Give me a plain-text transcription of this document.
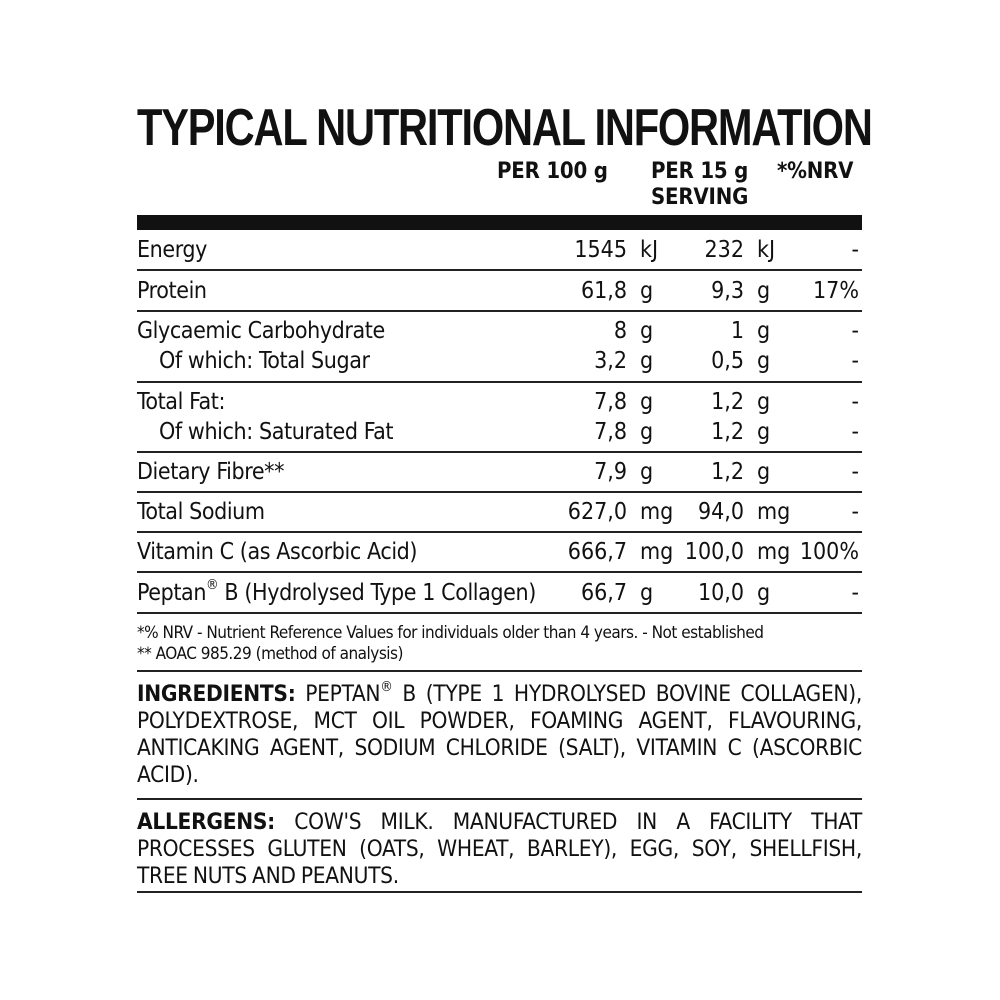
TYPICAL NUTRITIONAL INFORMATION
PER 100 g PER 15 g
SERVING
*%NRV
Energy	1545 kJ 232 kJ	-
Protein	61,8 g	9,3 g 17%
Glycaemic Carbohydrate	8 g	1 g	-
Of which: Total Sugar	3,2 g	0,5 g	-
Total Fat:	7,8 g	1,2 g	-
Of which: Saturated Fat	7,8 g	1,2 g	-
Dietary Fibre**	7,9 g	1,2 g	-
Total Sodium	627,0 mg 94,0 mg	-
Vitamin C (as Ascorbic Acid)	666,7 mg 100,0 mg 100%
Peptan® B (Hydrolysed Type 1 Collagen) 66,7 g 10,0 g	-
*% NRV - Nutrient Reference Values for individuals older than 4 years. - Not established
** AOAC 985.29 (method of analysis)
INGREDIENTS: PEPTAN® B (TYPE 1 HYDROLYSED BOVINE COLLAGEN), POLYDEXTROSE, MCT OIL POWDER, FOAMING AGENT, FLAVOURING, ANTICAKING AGENT, SODIUM CHLORIDE (SALT), VITAMIN C (ASCORBIC ACID).
ALLERGENS: COW'S MILK. MANUFACTURED IN A FACILITY THAT PROCESSES GLUTEN (OATS, WHEAT, BARLEY), EGG, SOY, SHELLFISH, TREE NUTS AND PEANUTS.
